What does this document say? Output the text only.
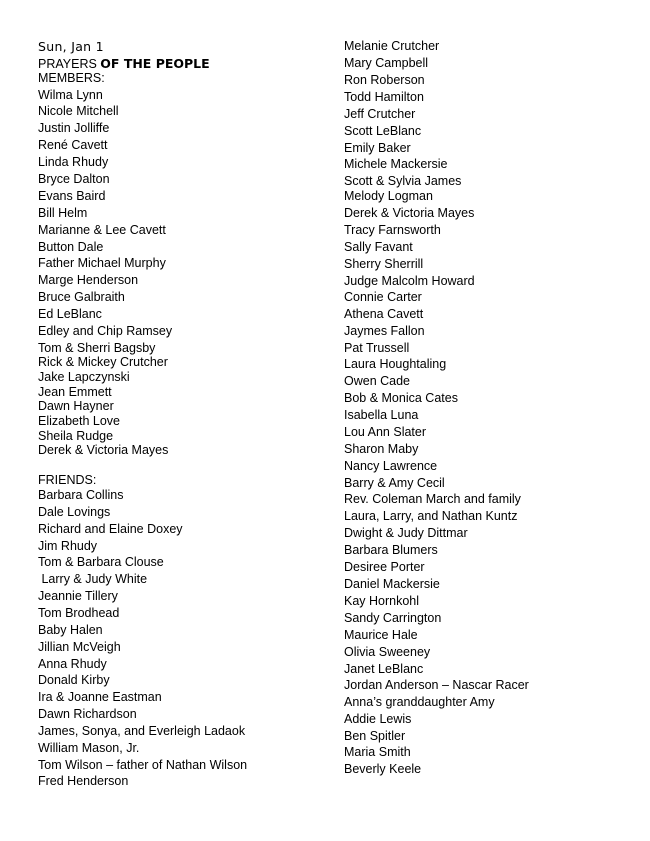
Sun, Jan 1
PRAYERS OF THE PEOPLE
MEMBERS:
Wilma Lynn
Nicole Mitchell
Justin Jolliffe
René Cavett
Linda Rhudy
Bryce Dalton
Evans Baird
Bill Helm
Marianne & Lee Cavett
Button Dale
Father Michael Murphy
Marge Henderson
Bruce Galbraith
Ed LeBlanc
Edley and Chip Ramsey
Tom & Sherri Bagsby
Rick & Mickey Crutcher
Jake Lapczynski
Jean Emmett
Dawn Hayner
Elizabeth Love
Sheila Rudge
Derek & Victoria Mayes
FRIENDS:
Barbara Collins
Dale Lovings
Richard and Elaine Doxey
Jim Rhudy
Tom & Barbara Clouse
Larry & Judy White
Jeannie Tillery
Tom Brodhead
Baby Halen
Jillian McVeigh
Anna Rhudy
Donald Kirby
Ira & Joanne Eastman
Dawn Richardson
James, Sonya, and Everleigh Ladaok
William Mason, Jr.
Tom Wilson – father of Nathan Wilson
Fred Henderson
Melanie Crutcher
Mary Campbell
Ron Roberson
Todd Hamilton
Jeff Crutcher
Scott LeBlanc
Emily Baker
Michele Mackersie
Scott & Sylvia James
Melody Logman
Derek & Victoria Mayes
Tracy Farnsworth
Sally Favant
Sherry Sherrill
Judge Malcolm Howard
Connie Carter
Athena Cavett
Jaymes Fallon
Pat Trussell
Laura Houghtaling
Owen Cade
Bob & Monica Cates
Isabella Luna
Lou Ann Slater
Sharon Maby
Nancy Lawrence
Barry & Amy Cecil
Rev. Coleman March and family
Laura, Larry, and Nathan Kuntz
Dwight & Judy Dittmar
Barbara Blumers
Desiree Porter
Daniel Mackersie
Kay Hornkohl
Sandy Carrington
Maurice Hale
Olivia Sweeney
Janet LeBlanc
Jordan Anderson – Nascar Racer
Anna’s granddaughter Amy
Addie Lewis
Ben Spitler
Maria Smith
Beverly Keele
